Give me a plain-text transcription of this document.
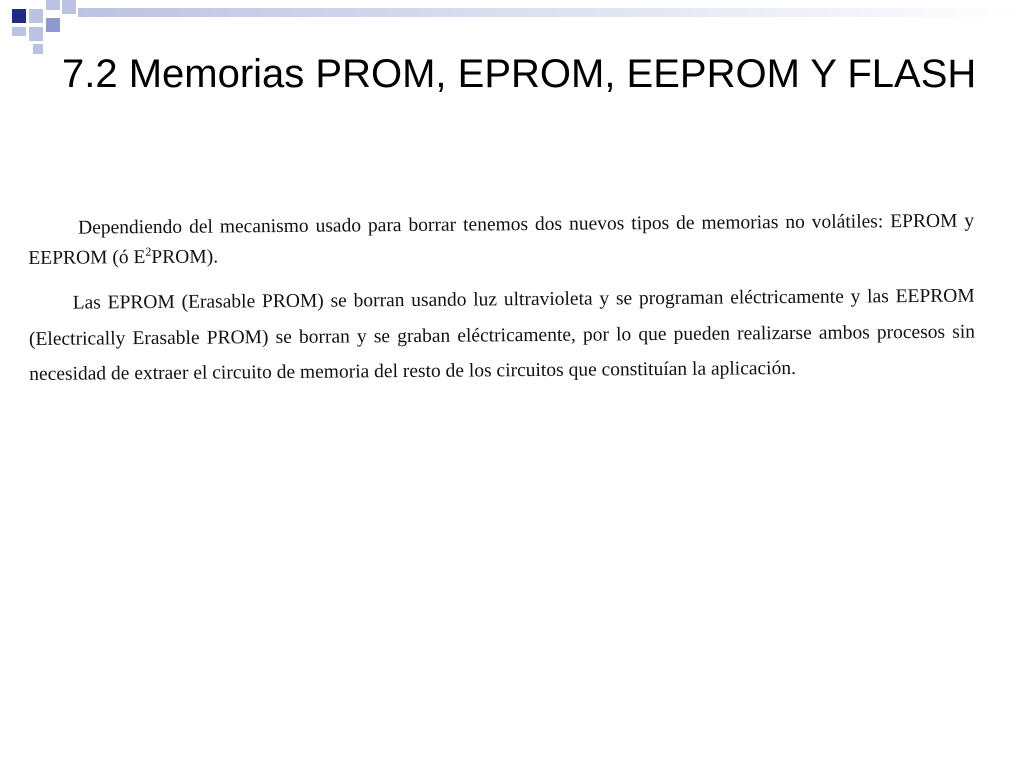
7.2 Memorias PROM, EPROM, EEPROM Y FLASH

Dependiendo del mecanismo usado para borrar tenemos dos nuevos tipos de memorias no volátiles: EPROM y EEPROM (ó $E^2PROM$).

Las EPROM (Erasable PROM) se borran usando luz ultravioleta y se programan eléctricamente y las EEPROM (Electrically Erasable PROM) se borran y se graban eléctricamente, por lo que pueden realizarse ambos procesos sin necesidad de extraer el circuito de memoria del resto de los circuitos que constituían la aplicación.
